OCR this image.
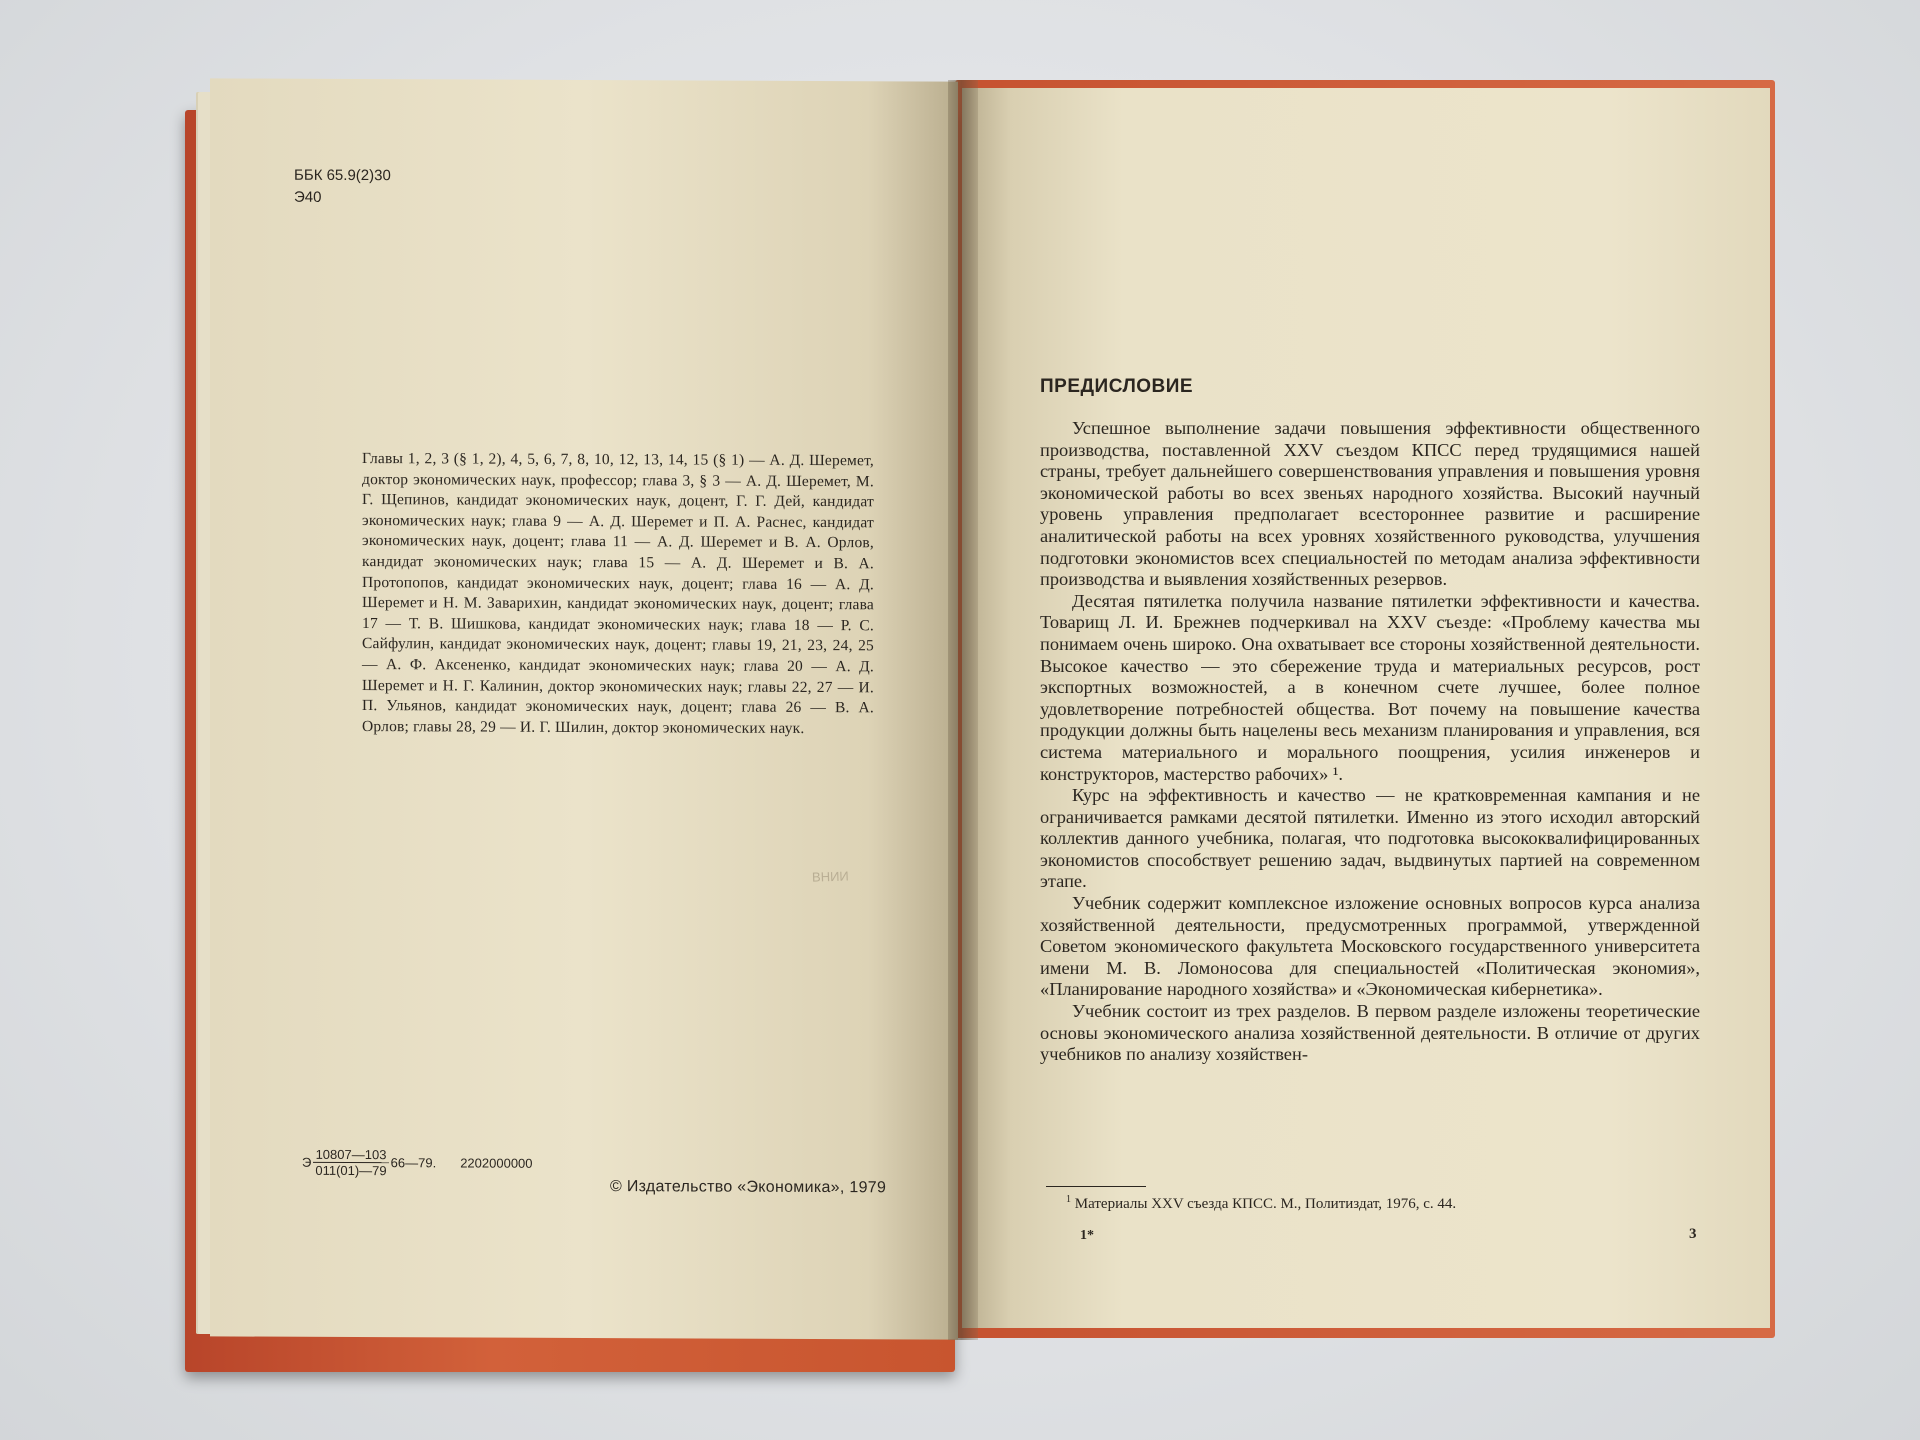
ББК 65.9(2)30
Э40
Главы 1, 2, 3 (§ 1, 2), 4, 5, 6, 7, 8, 10, 12, 13, 14, 15 (§ 1) — А. Д. Шеремет, доктор экономических наук, профессор; глава 3, § 3 — А. Д. Шеремет, М. Г. Щепинов, кандидат экономических наук, доцент, Г. Г. Дей, кандидат экономических наук; глава 9 — А. Д. Шеремет и П. А. Раснес, кандидат экономических наук, доцент; глава 11 — А. Д. Шеремет и В. А. Орлов, кандидат экономических наук; глава 15 — А. Д. Шеремет и В. А. Протопопов, кандидат экономических наук, доцент; глава 16 — А. Д. Шеремет и Н. М. Заварихин, кандидат экономических наук, доцент; глава 17 — Т. В. Шишкова, кандидат экономических наук; глава 18 — Р. С. Сайфулин, кандидат экономических наук, доцент; главы 19, 21, 23, 24, 25 — А. Ф. Аксененко, кандидат экономических наук; глава 20 — А. Д. Шеремет и Н. Г. Калинин, доктор экономических наук; главы 22, 27 — И. П. Ульянов, кандидат экономических наук, доцент; глава 26 — В. А. Орлов; главы 28, 29 — И. Г. Шилин, доктор экономических наук.
ВНИИ
Э $\frac{10807—103}{011(01)—79}$ 66—79. 2202000000
© Издательство «Экономика», 1979
ПРЕДИСЛОВИЕ

Успешное выполнение задачи повышения эффективности общественного производства, поставленной XXV съездом КПСС перед трудящимися нашей страны, требует дальнейшего совершенствования управления и повышения уровня экономической работы во всех звеньях народного хозяйства. Высокий научный уровень управления предполагает всестороннее развитие и расширение аналитической работы на всех уровнях хозяйственного руководства, улучшения подготовки экономистов всех специальностей по методам анализа эффективности производства и выявления хозяйственных резервов.

Десятая пятилетка получила название пятилетки эффективности и качества. Товарищ Л. И. Брежнев подчеркивал на XXV съезде: «Проблему качества мы понимаем очень широко. Она охватывает все стороны хозяйственной деятельности. Высокое качество — это сбережение труда и материальных ресурсов, рост экспортных возможностей, а в конечном счете лучшее, более полное удовлетворение потребностей общества. Вот почему на повышение качества продукции должны быть нацелены весь механизм планирования и управления, вся система материального и морального поощрения, усилия инженеров и конструкторов, мастерство рабочих» ¹.

Курс на эффективность и качество — не кратковременная кампания и не ограничивается рамками десятой пятилетки. Именно из этого исходил авторский коллектив данного учебника, полагая, что подготовка высококвалифицированных экономистов способствует решению задач, выдвинутых партией на современном этапе.

Учебник содержит комплексное изложение основных вопросов курса анализа хозяйственной деятельности, предусмотренных программой, утвержденной Советом экономического факультета Московского государственного университета имени М. В. Ломоносова для специальностей «Политическая экономия», «Планирование народного хозяйства» и «Экономическая кибернетика».

Учебник состоит из трех разделов. В первом разделе изложены теоретические основы экономического анализа хозяйственной деятельности. В отличие от других учебников по анализу хозяйствен-

$^1$ Материалы XXV съезда КПСС. М., Политиздат, 1976, с. 44.
1*	3
